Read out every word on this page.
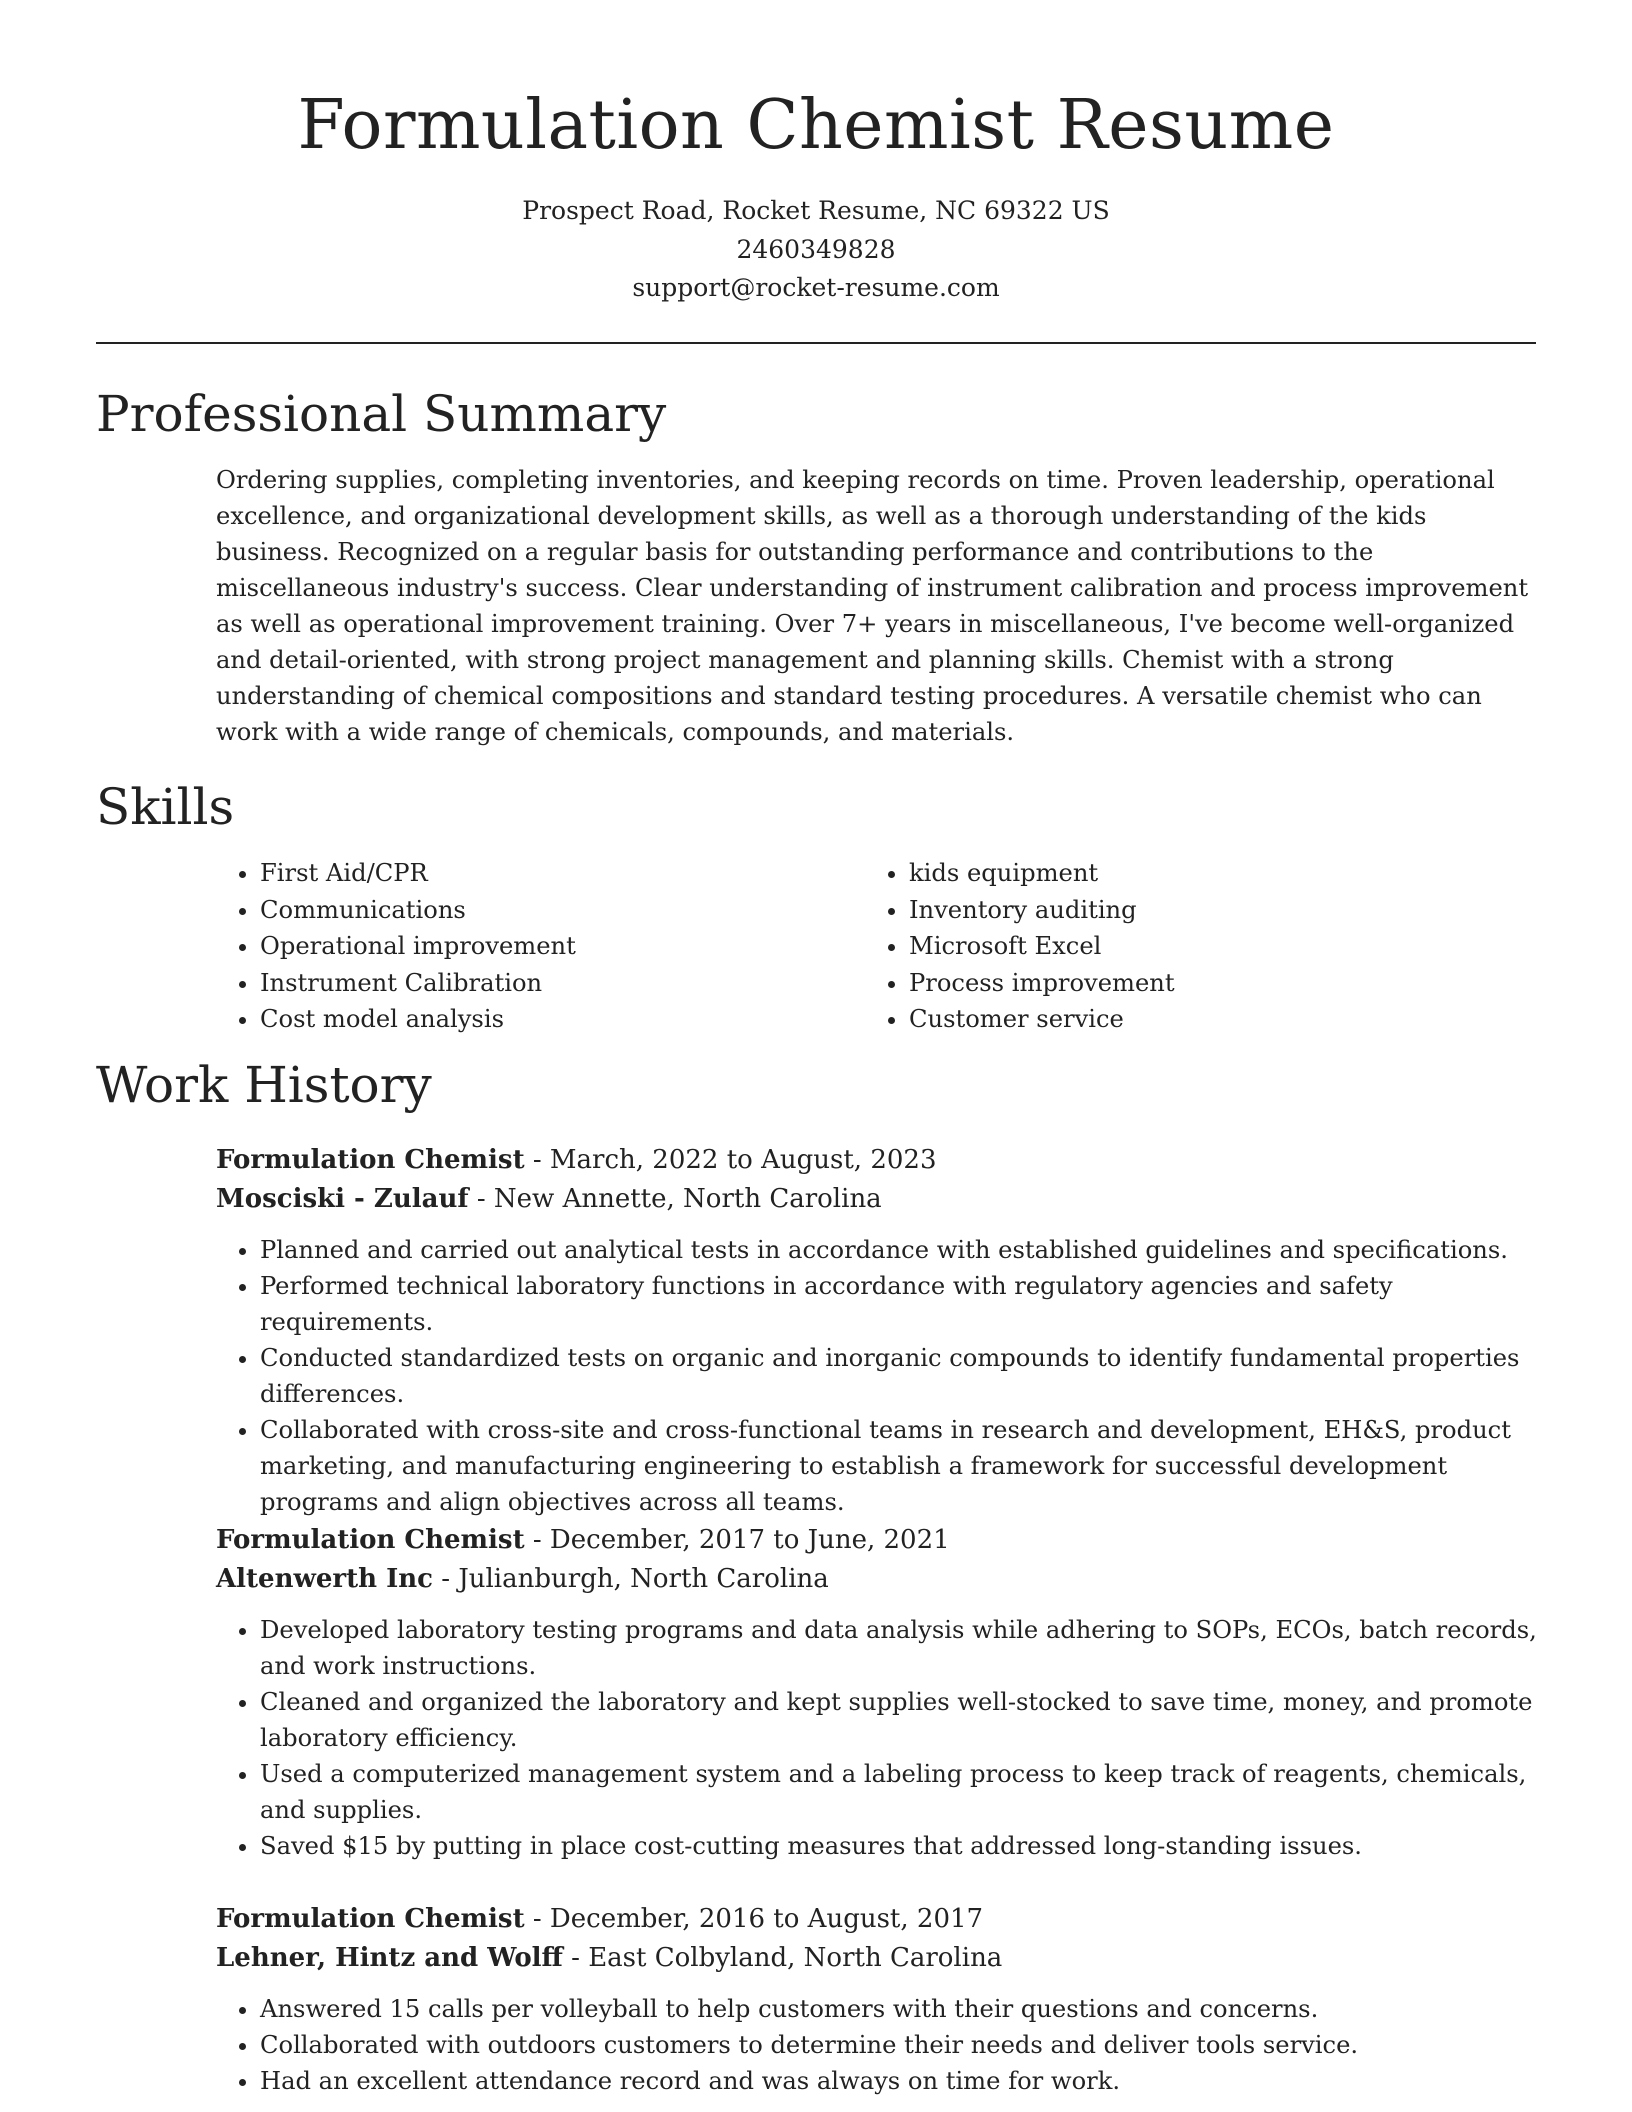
Formulation Chemist Resume
Prospect Road, Rocket Resume, NC 69322 US
2460349828
support@rocket-resume.com
Professional Summary

Ordering supplies, completing inventories, and keeping records on time. Proven leadership, operational excellence, and organizational development skills, as well as a thorough understanding of the kids business. Recognized on a regular basis for outstanding performance and contributions to the miscellaneous industry's success. Clear understanding of instrument calibration and process improvement as well as operational improvement training. Over 7+ years in miscellaneous, I've become well-organized and detail-oriented, with strong project management and planning skills. Chemist with a strong understanding of chemical compositions and standard testing procedures. A versatile chemist who can work with a wide range of chemicals, compounds, and materials.

Skills
• First Aid/CPR
• Communications
• Operational improvement
• Instrument Calibration
• Cost model analysis
• kids equipment
• Inventory auditing
• Microsoft Excel
• Process improvement
• Customer service
Work History

Formulation Chemist - March, 2022 to August, 2023

Mosciski - Zulauf - New Annette, North Carolina

• Planned and carried out analytical tests in accordance with established guidelines and specifications.
• Performed technical laboratory functions in accordance with regulatory agencies and safety requirements.
• Conducted standardized tests on organic and inorganic compounds to identify fundamental properties differences.
• Collaborated with cross-site and cross-functional teams in research and development, EH&S, product marketing, and manufacturing engineering to establish a framework for successful development programs and align objectives across all teams.

Formulation Chemist - December, 2017 to June, 2021

Altenwerth Inc - Julianburgh, North Carolina

• Developed laboratory testing programs and data analysis while adhering to SOPs, ECOs, batch records, and work instructions.
• Cleaned and organized the laboratory and kept supplies well-stocked to save time, money, and promote laboratory efficiency.
• Used a computerized management system and a labeling process to keep track of reagents, chemicals, and supplies.
• Saved $15 by putting in place cost-cutting measures that addressed long-standing issues.

Formulation Chemist - December, 2016 to August, 2017

Lehner, Hintz and Wolff - East Colbyland, North Carolina

• Answered 15 calls per volleyball to help customers with their questions and concerns.
• Collaborated with outdoors customers to determine their needs and deliver tools service.
• Had an excellent attendance record and was always on time for work.
